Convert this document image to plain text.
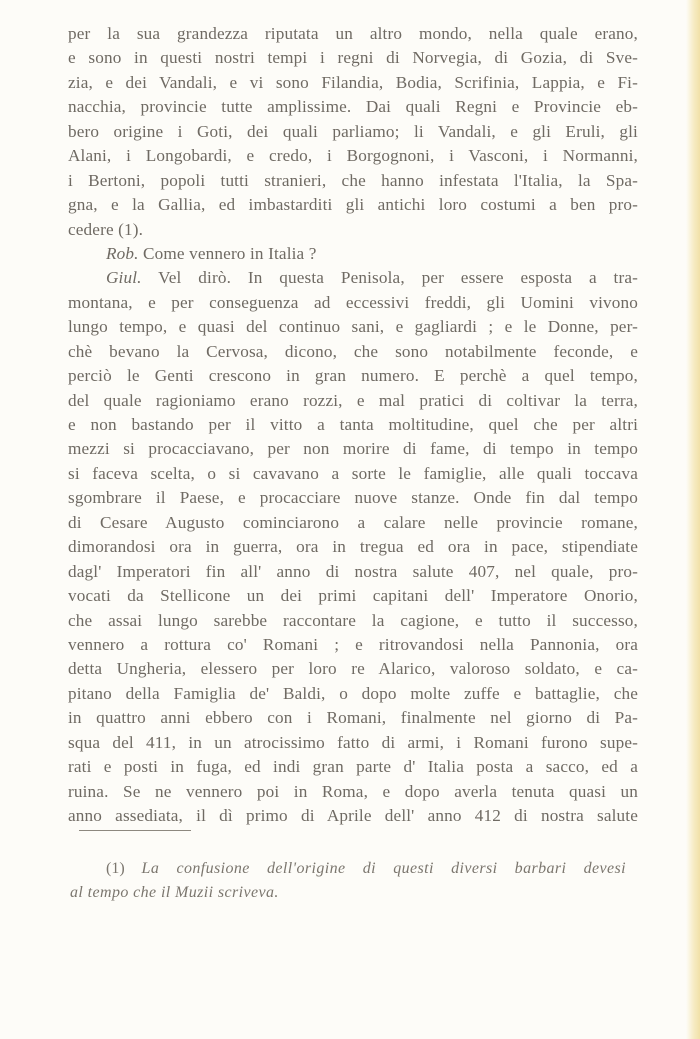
per la sua grandezza riputata un altro mondo, nella quale erano,
e sono in questi nostri tempi i regni di Norvegia, di Gozia, di Sve-
zia, e dei Vandali, e vi sono Filandia, Bodia, Scrifinia, Lappia, e Fi-
nacchia, provincie tutte amplissime. Dai quali Regni e Provincie eb-
bero origine i Goti, dei quali parliamo; li Vandali, e gli Eruli, gli
Alani, i Longobardi, e credo, i Borgognoni, i Vasconi, i Normanni,
i Bertoni, popoli tutti stranieri, che hanno infestata l'Italia, la Spa-
gna, e la Gallia, ed imbastarditi gli antichi loro costumi a ben pro-
cedere (1).
Rob. Come vennero in Italia ?
Giul. Vel dirò. In questa Penisola, per essere esposta a tra-
montana, e per conseguenza ad eccessivi freddi, gli Uomini vivono
lungo tempo, e quasi del continuo sani, e gagliardi ; e le Donne, per-
chè bevano la Cervosa, dicono, che sono notabilmente feconde, e
perciò le Genti crescono in gran numero. E perchè a quel tempo,
del quale ragioniamo erano rozzi, e mal pratici di coltivar la terra,
e non bastando per il vitto a tanta moltitudine, quel che per altri
mezzi si procacciavano, per non morire di fame, di tempo in tempo
si faceva scelta, o si cavavano a sorte le famiglie, alle quali toccava
sgombrare il Paese, e procacciare nuove stanze. Onde fin dal tempo
di Cesare Augusto cominciarono a calare nelle provincie romane,
dimorandosi ora in guerra, ora in tregua ed ora in pace, stipendiate
dagl' Imperatori fin all' anno di nostra salute 407, nel quale, pro-
vocati da Stellicone un dei primi capitani dell' Imperatore Onorio,
che assai lungo sarebbe raccontare la cagione, e tutto il successo,
vennero a rottura co' Romani ; e ritrovandosi nella Pannonia, ora
detta Ungheria, elessero per loro re Alarico, valoroso soldato, e ca-
pitano della Famiglia de' Baldi, o dopo molte zuffe e battaglie, che
in quattro anni ebbero con i Romani, finalmente nel giorno di Pa-
squa del 411, in un atrocissimo fatto di armi, i Romani furono supe-
rati e posti in fuga, ed indi gran parte d' Italia posta a sacco, ed a
ruina. Se ne vennero poi in Roma, e dopo averla tenuta quasi un
anno assediata, il dì primo di Aprile dell' anno 412 di nostra salute
(1) La confusione dell'origine di questi diversi barbari devesi
al tempo che il Muzii scriveva.
